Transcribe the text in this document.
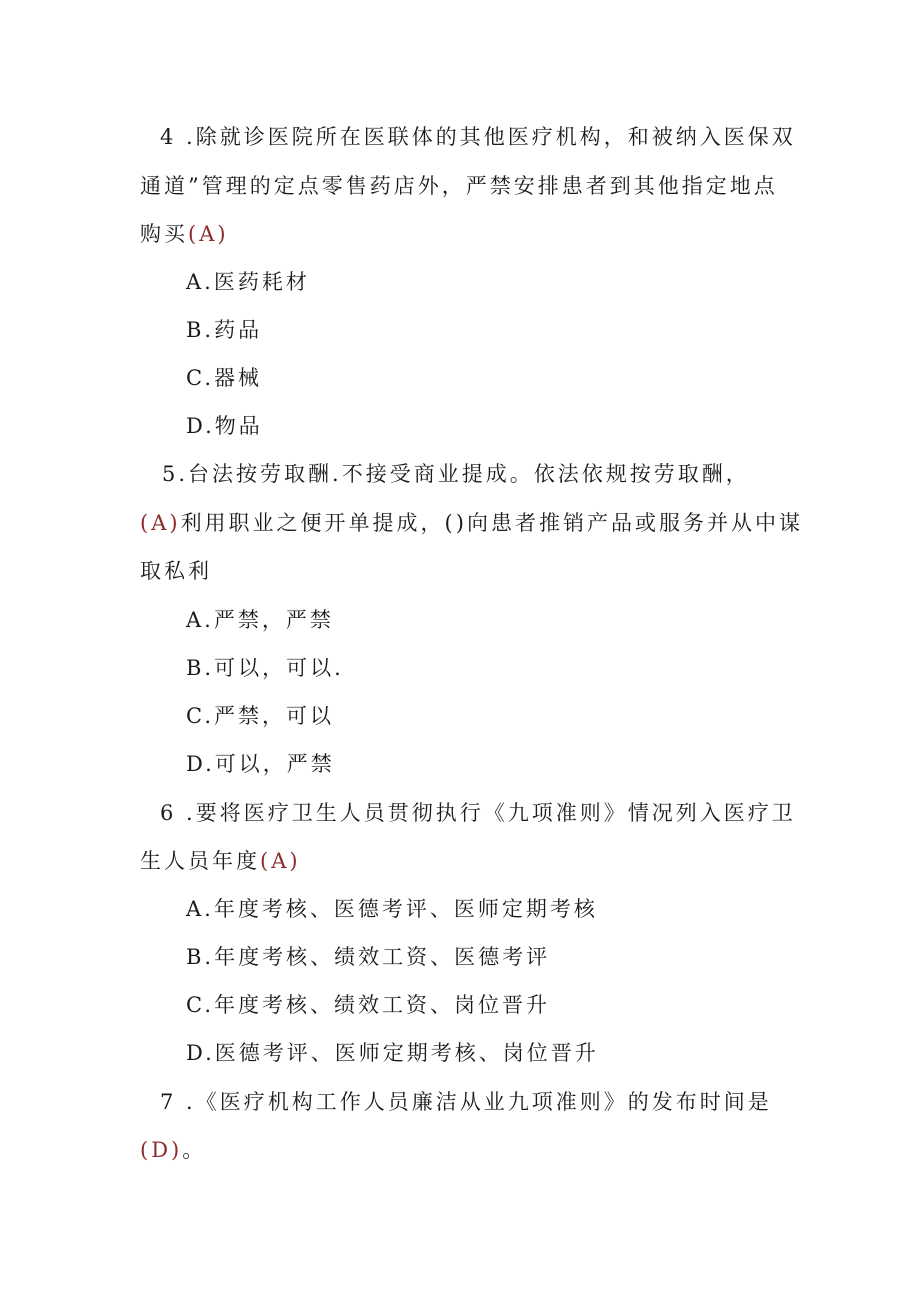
4 .除就诊医院所在医联体的其他医疗机构，和被纳入医保双
通道”管理的定点零售药店外，严禁安排患者到其他指定地点
购买(A)
A.医药耗材
B.药品
C.器械
D.物品
5.台法按劳取酬.不接受商业提成。依法依规按劳取酬，
(A)利用职业之便开单提成，()向患者推销产品或服务并从中谋
取私利
A.严禁，严禁
B.可以，可以.
C.严禁，可以
D.可以，严禁
6 .要将医疗卫生人员贯彻执行《九项准则》情况列入医疗卫
生人员年度(A)
A.年度考核、医德考评、医师定期考核
B.年度考核、绩效工资、医德考评
C.年度考核、绩效工资、岗位晋升
D.医德考评、医师定期考核、岗位晋升
7 .《医疗机构工作人员廉洁从业九项准则》的发布时间是
(D)。
